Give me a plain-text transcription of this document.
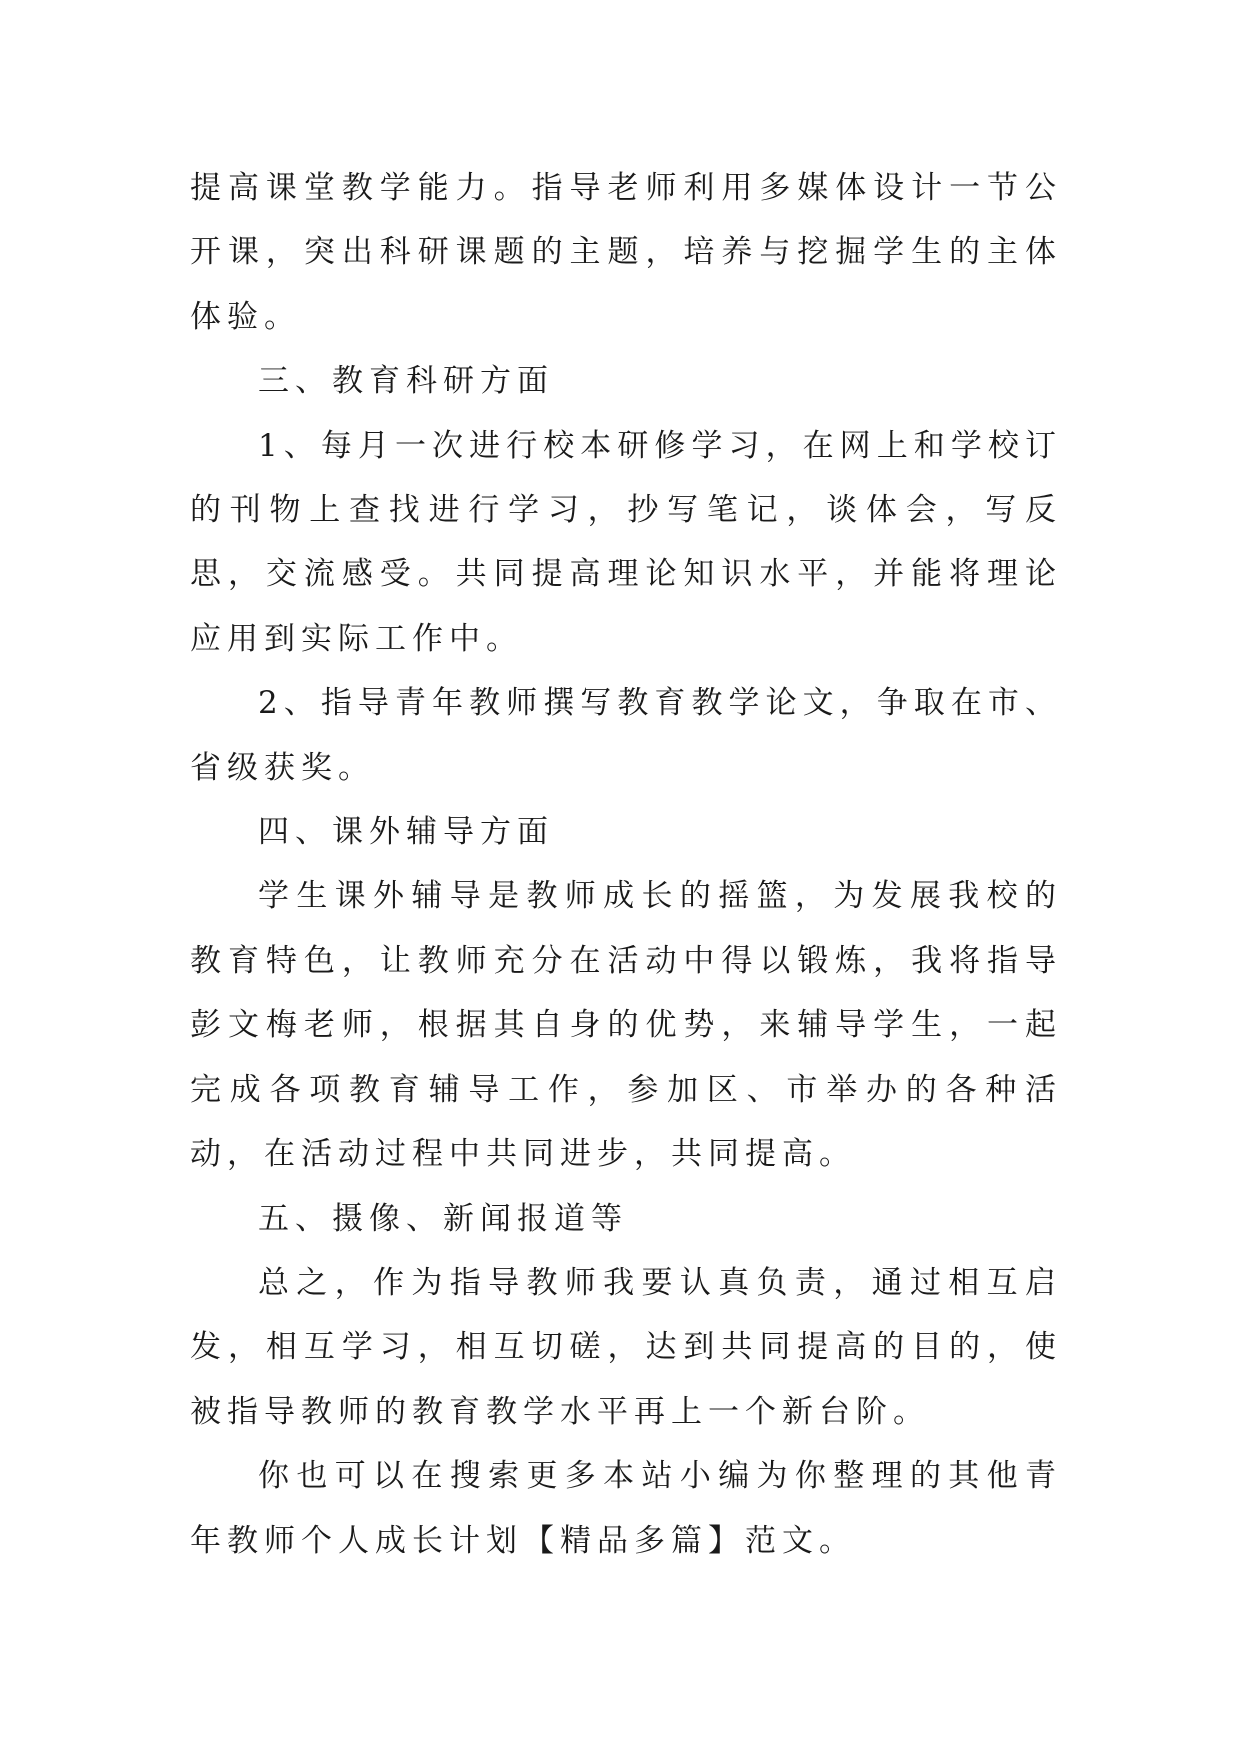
提高课堂教学能力。指导老师利用多媒体设计一节公开课，突出科研课题的主题，培养与挖掘学生的主体体验。

三、教育科研方面

1、每月一次进行校本研修学习，在网上和学校订的刊物上查找进行学习，抄写笔记，谈体会，写反思，交流感受。共同提高理论知识水平，并能将理论应用到实际工作中。

2、指导青年教师撰写教育教学论文，争取在市、省级获奖。

四、课外辅导方面

学生课外辅导是教师成长的摇篮，为发展我校的教育特色，让教师充分在活动中得以锻炼，我将指导彭文梅老师，根据其自身的优势，来辅导学生，一起完成各项教育辅导工作，参加区、市举办的各种活动，在活动过程中共同进步，共同提高。

五、摄像、新闻报道等

总之，作为指导教师我要认真负责，通过相互启发，相互学习，相互切磋，达到共同提高的目的，使被指导教师的教育教学水平再上一个新台阶。

你也可以在搜索更多本站小编为你整理的其他青年教师个人成长计划【精品多篇】范文。
